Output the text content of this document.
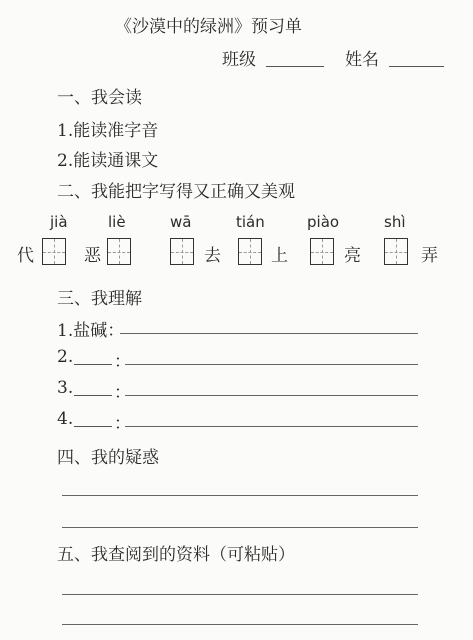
《沙漠中的绿洲》预习单
班级	姓名
一、我会读
1.能读准字音
2.能读通课文
二、我能把字写得又正确又美观
jià	liè	wā	tián	piào	shì
代	恶	去	上	亮	弄
三、我理解
1.盐碱：
2. ：
3. ：
4. ：
四、我的疑惑
五、我查阅到的资料（可粘贴）
